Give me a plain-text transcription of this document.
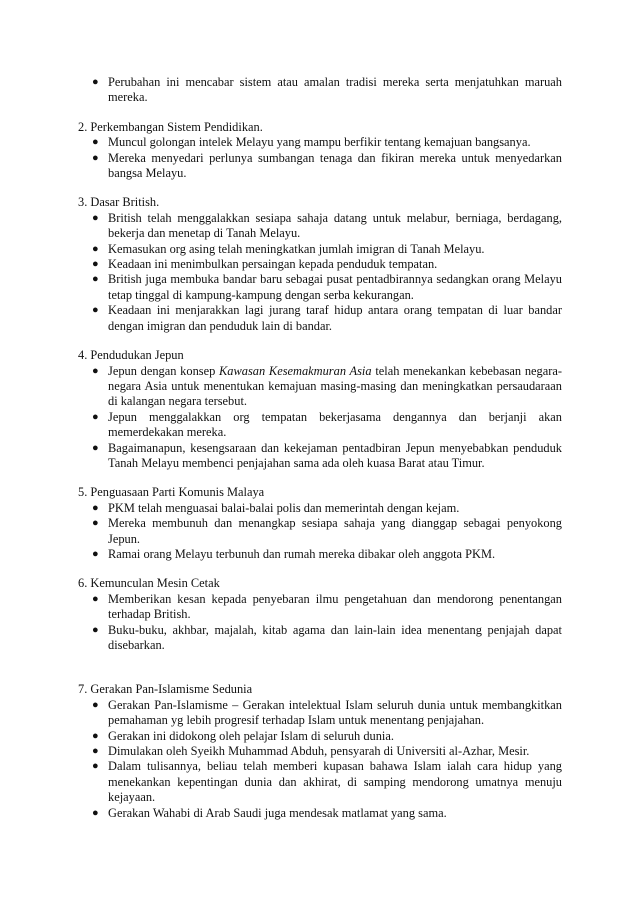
● Perubahan ini mencabar sistem atau amalan tradisi mereka serta menjatuhkan maruah mereka.

2. Perkembangan Sistem Pendidikan.

● Muncul golongan intelek Melayu yang mampu berfikir tentang kemajuan bangsanya.
● Mereka menyedari perlunya sumbangan tenaga dan fikiran mereka untuk menyedarkan bangsa Melayu.

3. Dasar British.

● British telah menggalakkan sesiapa sahaja datang untuk melabur, berniaga, berdagang, bekerja dan menetap di Tanah Melayu.
● Kemasukan org asing telah meningkatkan jumlah imigran di Tanah Melayu.
● Keadaan ini menimbulkan persaingan kepada penduduk tempatan.
● British juga membuka bandar baru sebagai pusat pentadbirannya sedangkan orang Melayu tetap tinggal di kampung-kampung dengan serba kekurangan.
● Keadaan ini menjarakkan lagi jurang taraf hidup antara orang tempatan di luar bandar dengan imigran dan penduduk lain di bandar.

4. Pendudukan Jepun

● Jepun dengan konsep Kawasan Kesemakmuran Asia telah menekankan kebebasan negara-negara Asia untuk menentukan kemajuan masing-masing dan meningkatkan persaudaraan di kalangan negara tersebut.
● Jepun menggalakkan org tempatan bekerjasama dengannya dan berjanji akan memerdekakan mereka.
● Bagaimanapun, kesengsaraan dan kekejaman pentadbiran Jepun menyebabkan penduduk Tanah Melayu membenci penjajahan sama ada oleh kuasa Barat atau Timur.

5. Penguasaan Parti Komunis Malaya

● PKM telah menguasai balai-balai polis dan memerintah dengan kejam.
● Mereka membunuh dan menangkap sesiapa sahaja yang dianggap sebagai penyokong Jepun.
● Ramai orang Melayu terbunuh dan rumah mereka dibakar oleh anggota PKM.

6. Kemunculan Mesin Cetak

● Memberikan kesan kepada penyebaran ilmu pengetahuan dan mendorong penentangan terhadap British.
● Buku-buku, akhbar, majalah, kitab agama dan lain-lain idea menentang penjajah dapat disebarkan.

7. Gerakan Pan-Islamisme Sedunia

● Gerakan Pan-Islamisme – Gerakan intelektual Islam seluruh dunia untuk membangkitkan pemahaman yg lebih progresif terhadap Islam untuk menentang penjajahan.
● Gerakan ini didokong oleh pelajar Islam di seluruh dunia.
● Dimulakan oleh Syeikh Muhammad Abduh, pensyarah di Universiti al-Azhar, Mesir.
● Dalam tulisannya, beliau telah memberi kupasan bahawa Islam ialah cara hidup yang menekankan kepentingan dunia dan akhirat, di samping mendorong umatnya menuju kejayaan.
● Gerakan Wahabi di Arab Saudi juga mendesak matlamat yang sama.
